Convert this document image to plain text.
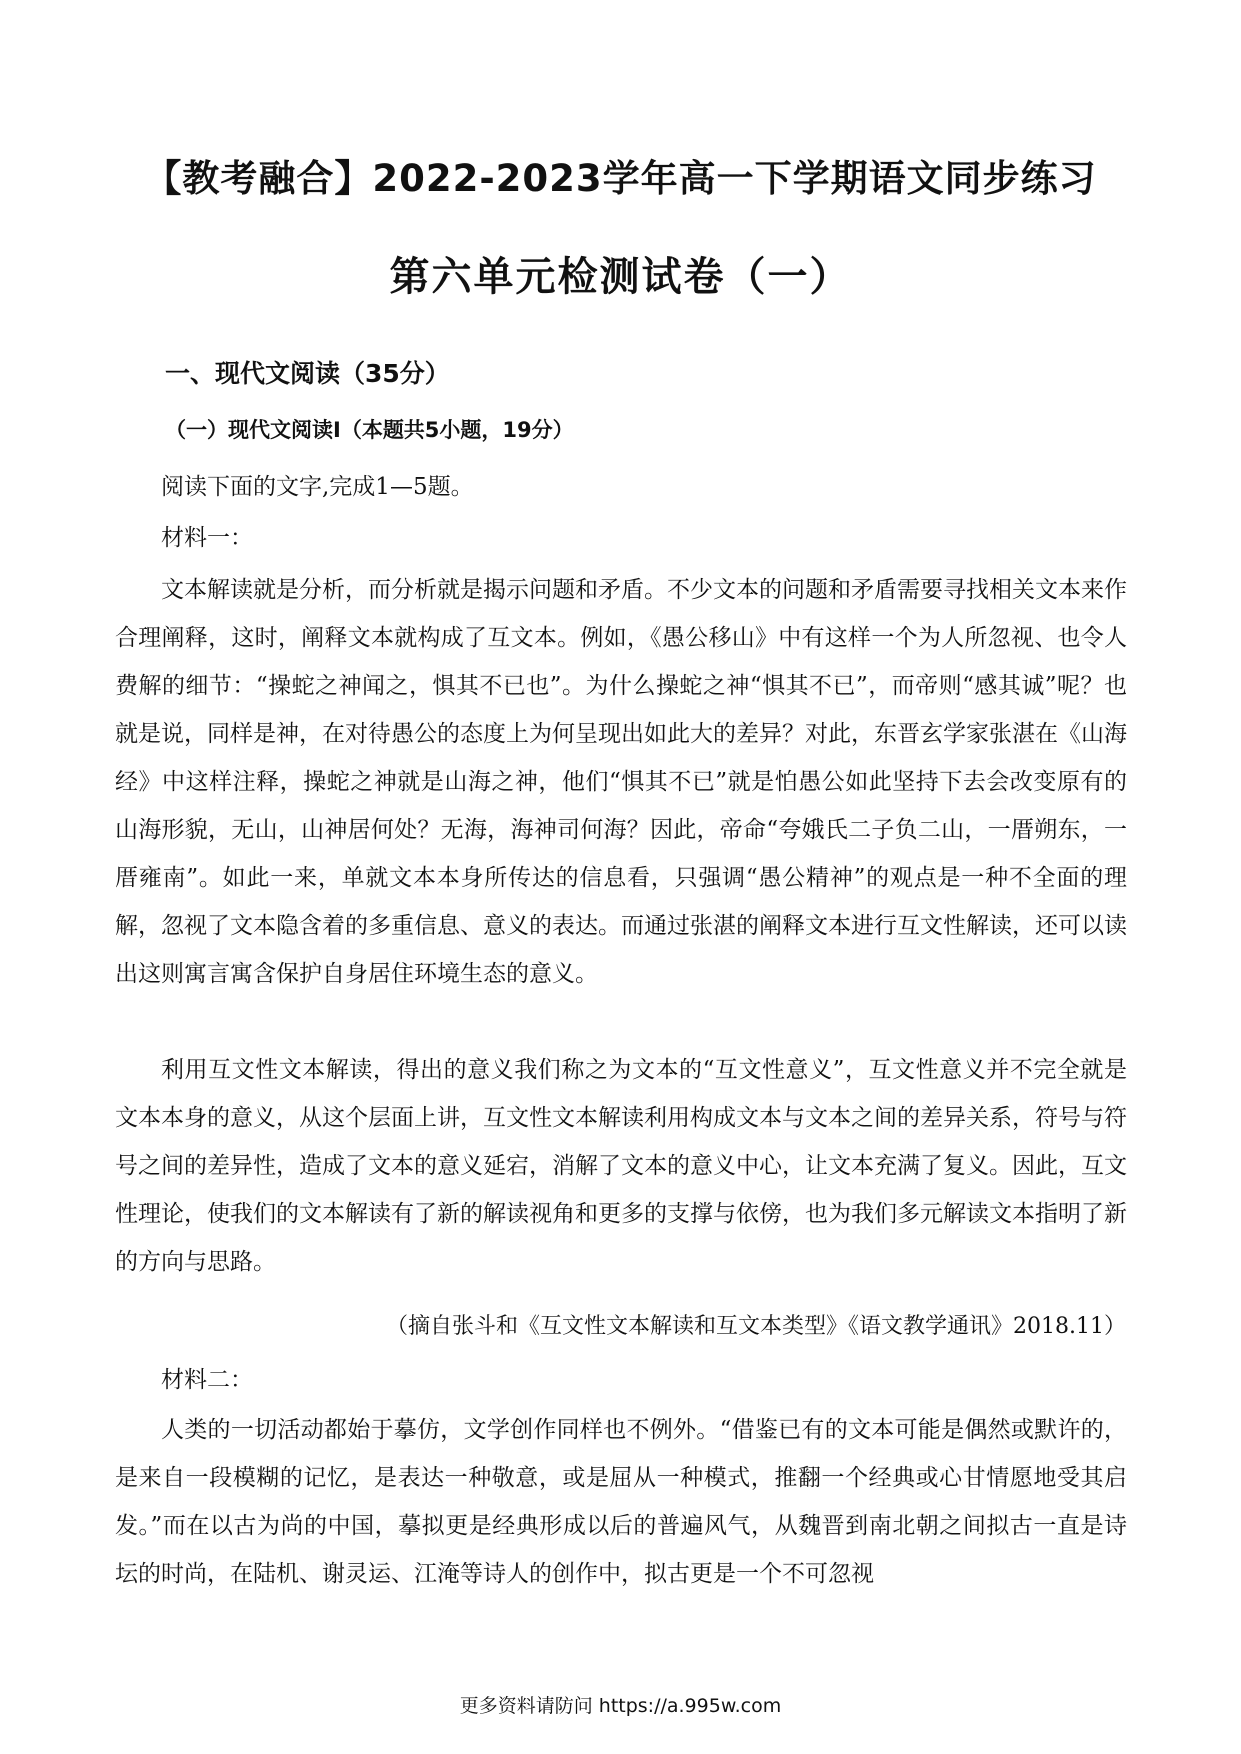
【教考融合】2022-2023学年高一下学期语文同步练习
第六单元检测试卷（一）
一、现代文阅读（35分）
（一）现代文阅读Ⅰ（本题共5小题，19分）

阅读下面的文字,完成1—5题。

材料一：

文本解读就是分析，而分析就是揭示问题和矛盾。不少文本的问题和矛盾需要寻找相关文本来作合理阐释，这时，阐释文本就构成了互文本。例如，《愚公移山》中有这样一个为人所忽视、也令人费解的细节：“操蛇之神闻之，惧其不已也”。为什么操蛇之神“惧其不已”，而帝则“感其诚”呢？也就是说，同样是神，在对待愚公的态度上为何呈现出如此大的差异？对此，东晋玄学家张湛在《山海经》中这样注释，操蛇之神就是山海之神，他们“惧其不已”就是怕愚公如此坚持下去会改变原有的山海形貌，无山，山神居何处？无海，海神司何海？因此，帝命“夸娥氏二子负二山，一厝朔东，一厝雍南”。如此一来，单就文本本身所传达的信息看，只强调“愚公精神”的观点是一种不全面的理解，忽视了文本隐含着的多重信息、意义的表达。而通过张湛的阐释文本进行互文性解读，还可以读出这则寓言寓含保护自身居住环境生态的意义。

利用互文性文本解读，得出的意义我们称之为文本的“互文性意义”，互文性意义并不完全就是文本本身的意义，从这个层面上讲，互文性文本解读利用构成文本与文本之间的差异关系，符号与符号之间的差异性，造成了文本的意义延宕，消解了文本的意义中心，让文本充满了复义。因此，互文性理论，使我们的文本解读有了新的解读视角和更多的支撑与依傍，也为我们多元解读文本指明了新的方向与思路。

（摘自张斗和《互文性文本解读和互文本类型》《语文教学通讯》2018.11）

材料二：

人类的一切活动都始于摹仿，文学创作同样也不例外。“借鉴已有的文本可能是偶然或默许的，是来自一段模糊的记忆，是表达一种敬意，或是屈从一种模式，推翻一个经典或心甘情愿地受其启发。”而在以古为尚的中国，摹拟更是经典形成以后的普遍风气，从魏晋到南北朝之间拟古一直是诗坛的时尚，在陆机、谢灵运、江淹等诗人的创作中，拟古更是一个不可忽视

更多资料请防问 https://a.995w.com
